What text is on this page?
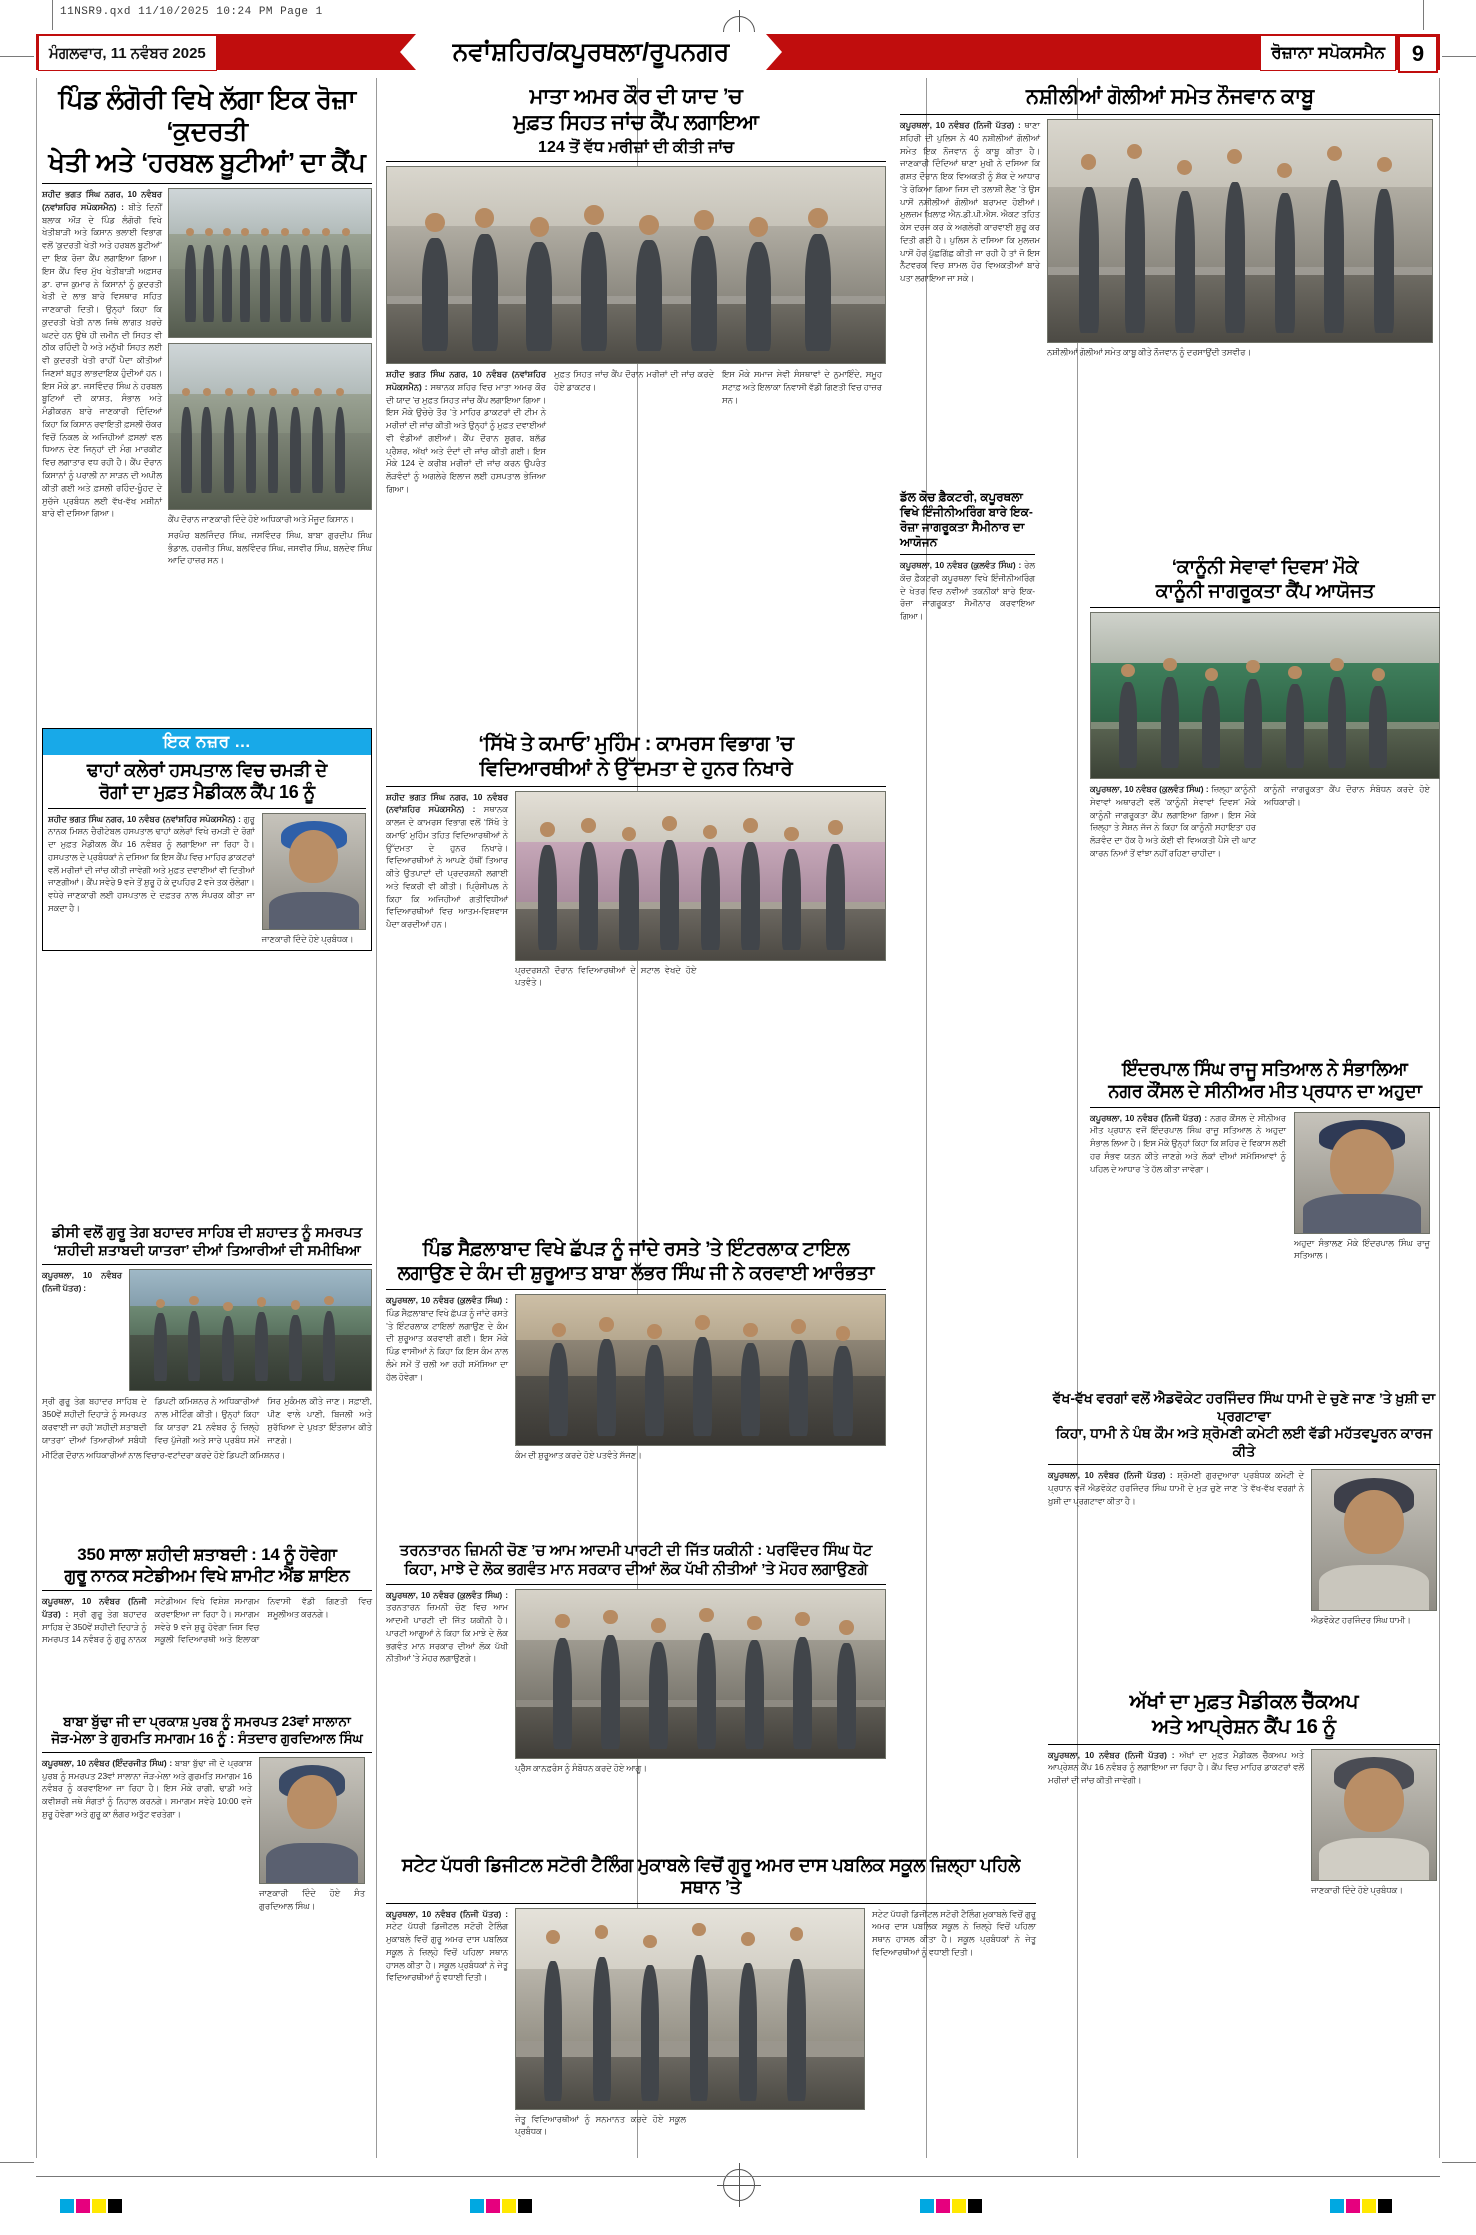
11NSR9.qxd 11/10/2025 10:24 PM Page 1
ਮੰਗਲਵਾਰ, 11 ਨਵੰਬਰ 2025	ਨਵਾਂਸ਼ਹਿਰ/ਕਪੂਰਥਲਾ/ਰੂਪਨਗਰ	ਰੋਜ਼ਾਨਾ ਸਪੋਕਸਮੈਨ	9
ਪਿੰਡ ਲੰਗੋਰੀ ਵਿਖੇ ਲੱਗਾ ਇਕ ਰੋਜ਼ਾ ‘ਕੁਦਰਤੀ
ਖੇਤੀ ਅਤੇ ‘ਹਰਬਲ ਬੂਟੀਆਂ’ ਦਾ ਕੈਂਪ
ਸ਼ਹੀਦ ਭਗਤ ਸਿੰਘ ਨਗਰ, 10 ਨਵੰਬਰ (ਨਵਾਂਸ਼ਹਿਰ ਸਪੋਕਸਮੈਨ) : ਬੀਤੇ ਦਿਨੀਂ ਬਲਾਕ ਔੜ ਦੇ ਪਿੰਡ ਲੰਗੋਰੀ ਵਿਖੇ ਖੇਤੀਬਾੜੀ ਅਤੇ ਕਿਸਾਨ ਭਲਾਈ ਵਿਭਾਗ ਵਲੋਂ ‘ਕੁਦਰਤੀ ਖੇਤੀ ਅਤੇ ਹਰਬਲ ਬੂਟੀਆਂ’ ਦਾ ਇਕ ਰੋਜ਼ਾ ਕੈਂਪ ਲਗਾਇਆ ਗਿਆ। ਇਸ ਕੈਂਪ ਵਿਚ ਮੁੱਖ ਖੇਤੀਬਾੜੀ ਅਫ਼ਸਰ ਡਾ. ਰਾਜ ਕੁਮਾਰ ਨੇ ਕਿਸਾਨਾਂ ਨੂੰ ਕੁਦਰਤੀ ਖੇਤੀ ਦੇ ਲਾਭ ਬਾਰੇ ਵਿਸਥਾਰ ਸਹਿਤ ਜਾਣਕਾਰੀ ਦਿਤੀ। ਉਨ੍ਹਾਂ ਕਿਹਾ ਕਿ ਕੁਦਰਤੀ ਖੇਤੀ ਨਾਲ ਜਿਥੇ ਲਾਗਤ ਖ਼ਰਚੇ ਘਟਦੇ ਹਨ ਉਥੇ ਹੀ ਜ਼ਮੀਨ ਦੀ ਸਿਹਤ ਵੀ ਠੀਕ ਰਹਿੰਦੀ ਹੈ ਅਤੇ ਮਨੁੱਖੀ ਸਿਹਤ ਲਈ ਵੀ ਕੁਦਰਤੀ ਖੇਤੀ ਰਾਹੀਂ ਪੈਦਾ ਕੀਤੀਆਂ ਜਿਣਸਾਂ ਬਹੁਤ ਲਾਭਦਾਇਕ ਹੁੰਦੀਆਂ ਹਨ। ਇਸ ਮੌਕੇ ਡਾ. ਜਸਵਿੰਦਰ ਸਿੰਘ ਨੇ ਹਰਬਲ ਬੂਟਿਆਂ ਦੀ ਕਾਸ਼ਤ, ਸੰਭਾਲ ਅਤੇ ਮੰਡੀਕਰਨ ਬਾਰੇ ਜਾਣਕਾਰੀ ਦਿੰਦਿਆਂ ਕਿਹਾ ਕਿ ਕਿਸਾਨ ਰਵਾਇਤੀ ਫ਼ਸਲੀ ਚੱਕਰ ਵਿਚੋਂ ਨਿਕਲ ਕੇ ਅਜਿਹੀਆਂ ਫ਼ਸਲਾਂ ਵਲ ਧਿਆਨ ਦੇਣ ਜਿਨ੍ਹਾਂ ਦੀ ਮੰਗ ਮਾਰਕੀਟ ਵਿਚ ਲਗਾਤਾਰ ਵਧ ਰਹੀ ਹੈ। ਕੈਂਪ ਦੌਰਾਨ ਕਿਸਾਨਾਂ ਨੂੰ ਪਰਾਲੀ ਨਾ ਸਾੜਨ ਦੀ ਅਪੀਲ ਕੀਤੀ ਗਈ ਅਤੇ ਫ਼ਸਲੀ ਰਹਿੰਦ-ਖੂੰਹਦ ਦੇ ਸੁਚੱਜੇ ਪ੍ਰਬੰਧਨ ਲਈ ਵੱਖ-ਵੱਖ ਮਸ਼ੀਨਾਂ ਬਾਰੇ ਵੀ ਦਸਿਆ ਗਿਆ।
ਕੈਂਪ ਦੌਰਾਨ ਜਾਣਕਾਰੀ ਦਿੰਦੇ ਹੋਏ ਅਧਿਕਾਰੀ ਅਤੇ ਮੌਜੂਦ ਕਿਸਾਨ।
ਸਰਪੰਚ ਬਲਜਿੰਦਰ ਸਿੰਘ, ਜਸਵਿੰਦਰ ਸਿੰਘ, ਬਾਬਾ ਗੁਰਦੀਪ ਸਿੰਘ ਭੰਡਾਲ, ਹਰਜੀਤ ਸਿੰਘ, ਬਲਵਿੰਦਰ ਸਿੰਘ, ਜਸਵੀਰ ਸਿੰਘ, ਬਲਦੇਵ ਸਿੰਘ ਆਦਿ ਹਾਜ਼ਰ ਸਨ।
ਮਾਤਾ ਅਮਰ ਕੌਰ ਦੀ ਯਾਦ ’ਚ
ਮੁਫ਼ਤ ਸਿਹਤ ਜਾਂਚ ਕੈਂਪ ਲਗਾਇਆ
124 ਤੋਂ ਵੱਧ ਮਰੀਜ਼ਾਂ ਦੀ ਕੀਤੀ ਜਾਂਚ
ਸ਼ਹੀਦ ਭਗਤ ਸਿੰਘ ਨਗਰ, 10 ਨਵੰਬਰ (ਨਵਾਂਸ਼ਹਿਰ ਸਪੋਕਸਮੈਨ) : ਸਥਾਨਕ ਸ਼ਹਿਰ ਵਿਚ ਮਾਤਾ ਅਮਰ ਕੌਰ ਦੀ ਯਾਦ ’ਚ ਮੁਫ਼ਤ ਸਿਹਤ ਜਾਂਚ ਕੈਂਪ ਲਗਾਇਆ ਗਿਆ। ਇਸ ਮੌਕੇ ਉਚੇਚੇ ਤੌਰ ’ਤੇ ਮਾਹਿਰ ਡਾਕਟਰਾਂ ਦੀ ਟੀਮ ਨੇ ਮਰੀਜ਼ਾਂ ਦੀ ਜਾਂਚ ਕੀਤੀ ਅਤੇ ਉਨ੍ਹਾਂ ਨੂੰ ਮੁਫ਼ਤ ਦਵਾਈਆਂ ਵੀ ਵੰਡੀਆਂ ਗਈਆਂ। ਕੈਂਪ ਦੌਰਾਨ ਸ਼ੂਗਰ, ਬਲੱਡ ਪ੍ਰੈਸ਼ਰ, ਅੱਖਾਂ ਅਤੇ ਦੰਦਾਂ ਦੀ ਜਾਂਚ ਕੀਤੀ ਗਈ। ਇਸ ਮੌਕੇ 124 ਦੇ ਕਰੀਬ ਮਰੀਜ਼ਾਂ ਦੀ ਜਾਂਚ ਕਰਨ ਉਪਰੰਤ ਲੋੜਵੰਦਾਂ ਨੂੰ ਅਗਲੇਰੇ ਇਲਾਜ ਲਈ ਹਸਪਤਾਲ ਭੇਜਿਆ ਗਿਆ।
ਮੁਫ਼ਤ ਸਿਹਤ ਜਾਂਚ ਕੈਂਪ ਦੌਰਾਨ ਮਰੀਜ਼ਾਂ ਦੀ ਜਾਂਚ ਕਰਦੇ ਹੋਏ ਡਾਕਟਰ।
ਇਸ ਮੌਕੇ ਸਮਾਜ ਸੇਵੀ ਸੰਸਥਾਵਾਂ ਦੇ ਨੁਮਾਇੰਦੇ, ਸਮੂਹ ਸਟਾਫ਼ ਅਤੇ ਇਲਾਕਾ ਨਿਵਾਸੀ ਵੱਡੀ ਗਿਣਤੀ ਵਿਚ ਹਾਜ਼ਰ ਸਨ।
ਨਸ਼ੀਲੀਆਂ ਗੋਲੀਆਂ ਸਮੇਤ ਨੌਜਵਾਨ ਕਾਬੂ
ਕਪੂਰਥਲਾ, 10 ਨਵੰਬਰ (ਨਿਜੀ ਪੱਤਰ) : ਥਾਣਾ ਸ਼ਹਿਰੀ ਦੀ ਪੁਲਿਸ ਨੇ 40 ਨਸ਼ੀਲੀਆਂ ਗੋਲੀਆਂ ਸਮੇਤ ਇਕ ਨੌਜਵਾਨ ਨੂੰ ਕਾਬੂ ਕੀਤਾ ਹੈ। ਜਾਣਕਾਰੀ ਦਿੰਦਿਆਂ ਥਾਣਾ ਮੁਖੀ ਨੇ ਦਸਿਆ ਕਿ ਗਸ਼ਤ ਦੌਰਾਨ ਇਕ ਵਿਅਕਤੀ ਨੂੰ ਸ਼ੱਕ ਦੇ ਆਧਾਰ ’ਤੇ ਰੋਕਿਆ ਗਿਆ ਜਿਸ ਦੀ ਤਲਾਸ਼ੀ ਲੈਣ ’ਤੇ ਉਸ ਪਾਸੋਂ ਨਸ਼ੀਲੀਆਂ ਗੋਲੀਆਂ ਬਰਾਮਦ ਹੋਈਆਂ। ਮੁਲਜ਼ਮ ਖ਼ਿਲਾਫ਼ ਐਨ.ਡੀ.ਪੀ.ਐਸ. ਐਕਟ ਤਹਿਤ ਕੇਸ ਦਰਜ ਕਰ ਕੇ ਅਗਲੇਰੀ ਕਾਰਵਾਈ ਸ਼ੁਰੂ ਕਰ ਦਿਤੀ ਗਈ ਹੈ। ਪੁਲਿਸ ਨੇ ਦਸਿਆ ਕਿ ਮੁਲਜ਼ਮ ਪਾਸੋਂ ਹੋਰ ਪੁੱਛਗਿੱਛ ਕੀਤੀ ਜਾ ਰਹੀ ਹੈ ਤਾਂ ਜੋ ਇਸ ਨੈੱਟਵਰਕ ਵਿਚ ਸ਼ਾਮਲ ਹੋਰ ਵਿਅਕਤੀਆਂ ਬਾਰੇ ਪਤਾ ਲਗਾਇਆ ਜਾ ਸਕੇ।
ਨਸ਼ੀਲੀਆਂ ਗੋਲੀਆਂ ਸਮੇਤ ਕਾਬੂ ਕੀਤੇ ਨੌਜਵਾਨ ਨੂੰ ਦਰਸਾਉਂਦੀ ਤਸਵੀਰ।
ਡੱਲ ਕੋਚ ਫ਼ੈਕਟਰੀ, ਕਪੂਰਥਲਾ ਵਿਖੇ ਇੰਜੀਨੀਅਰਿੰਗ ਬਾਰੇ ਇਕ-ਰੋਜ਼ਾ ਜਾਗਰੂਕਤਾ ਸੈਮੀਨਾਰ ਦਾ ਆਯੋਜਨ
ਕਪੂਰਥਲਾ, 10 ਨਵੰਬਰ (ਕੁਲਵੰਤ ਸਿੰਘ) : ਰੇਲ ਕੋਚ ਫ਼ੈਕਟਰੀ ਕਪੂਰਥਲਾ ਵਿਖੇ ਇੰਜੀਨੀਅਰਿੰਗ ਦੇ ਖੇਤਰ ਵਿਚ ਨਵੀਆਂ ਤਕਨੀਕਾਂ ਬਾਰੇ ਇਕ-ਰੋਜ਼ਾ ਜਾਗਰੂਕਤਾ ਸੈਮੀਨਾਰ ਕਰਵਾਇਆ ਗਿਆ।
‘ਕਾਨੂੰਨੀ ਸੇਵਾਵਾਂ ਦਿਵਸ’ ਮੌਕੇ
ਕਾਨੂੰਨੀ ਜਾਗਰੂਕਤਾ ਕੈਂਪ ਆਯੋਜਤ
ਕਪੂਰਥਲਾ, 10 ਨਵੰਬਰ (ਕੁਲਵੰਤ ਸਿੰਘ) : ਜ਼ਿਲ੍ਹਾ ਕਾਨੂੰਨੀ ਸੇਵਾਵਾਂ ਅਥਾਰਟੀ ਵਲੋਂ ‘ਕਾਨੂੰਨੀ ਸੇਵਾਵਾਂ ਦਿਵਸ’ ਮੌਕੇ ਕਾਨੂੰਨੀ ਜਾਗਰੂਕਤਾ ਕੈਂਪ ਲਗਾਇਆ ਗਿਆ। ਇਸ ਮੌਕੇ ਜ਼ਿਲ੍ਹਾ ਤੇ ਸੈਸ਼ਨ ਜੱਜ ਨੇ ਕਿਹਾ ਕਿ ਕਾਨੂੰਨੀ ਸਹਾਇਤਾ ਹਰ ਲੋੜਵੰਦ ਦਾ ਹੱਕ ਹੈ ਅਤੇ ਕੋਈ ਵੀ ਵਿਅਕਤੀ ਪੈਸੇ ਦੀ ਘਾਟ ਕਾਰਨ ਨਿਆਂ ਤੋਂ ਵਾਂਝਾ ਨਹੀਂ ਰਹਿਣਾ ਚਾਹੀਦਾ।
ਕਾਨੂੰਨੀ ਜਾਗਰੂਕਤਾ ਕੈਂਪ ਦੌਰਾਨ ਸੰਬੋਧਨ ਕਰਦੇ ਹੋਏ ਅਧਿਕਾਰੀ।
ਇੰਦਰਪਾਲ ਸਿੰਘ ਰਾਜੂ ਸਤਿਆਲ ਨੇ ਸੰਭਾਲਿਆ
ਨਗਰ ਕੌਂਸਲ ਦੇ ਸੀਨੀਅਰ ਮੀਤ ਪ੍ਰਧਾਨ ਦਾ ਅਹੁਦਾ
ਕਪੂਰਥਲਾ, 10 ਨਵੰਬਰ (ਨਿਜੀ ਪੱਤਰ) : ਨਗਰ ਕੌਂਸਲ ਦੇ ਸੀਨੀਅਰ ਮੀਤ ਪ੍ਰਧਾਨ ਵਜੋਂ ਇੰਦਰਪਾਲ ਸਿੰਘ ਰਾਜੂ ਸਤਿਆਲ ਨੇ ਅਹੁਦਾ ਸੰਭਾਲ ਲਿਆ ਹੈ। ਇਸ ਮੌਕੇ ਉਨ੍ਹਾਂ ਕਿਹਾ ਕਿ ਸ਼ਹਿਰ ਦੇ ਵਿਕਾਸ ਲਈ ਹਰ ਸੰਭਵ ਯਤਨ ਕੀਤੇ ਜਾਣਗੇ ਅਤੇ ਲੋਕਾਂ ਦੀਆਂ ਸਮੱਸਿਆਵਾਂ ਨੂੰ ਪਹਿਲ ਦੇ ਆਧਾਰ ’ਤੇ ਹੱਲ ਕੀਤਾ ਜਾਵੇਗਾ।
ਅਹੁਦਾ ਸੰਭਾਲਣ ਮੌਕੇ ਇੰਦਰਪਾਲ ਸਿੰਘ ਰਾਜੂ ਸਤਿਆਲ।
ਇਕ ਨਜ਼ਰ ...
ਢਾਹਾਂ ਕਲੇਰਾਂ ਹਸਪਤਾਲ ਵਿਚ ਚਮੜੀ ਦੇ
ਰੋਗਾਂ ਦਾ ਮੁਫ਼ਤ ਮੈਡੀਕਲ ਕੈਂਪ 16 ਨੂੰ
ਸ਼ਹੀਦ ਭਗਤ ਸਿੰਘ ਨਗਰ, 10 ਨਵੰਬਰ (ਨਵਾਂਸ਼ਹਿਰ ਸਪੋਕਸਮੈਨ) : ਗੁਰੂ ਨਾਨਕ ਮਿਸ਼ਨ ਚੈਰੀਟੇਬਲ ਹਸਪਤਾਲ ਢਾਹਾਂ ਕਲੇਰਾਂ ਵਿਖੇ ਚਮੜੀ ਦੇ ਰੋਗਾਂ ਦਾ ਮੁਫ਼ਤ ਮੈਡੀਕਲ ਕੈਂਪ 16 ਨਵੰਬਰ ਨੂੰ ਲਗਾਇਆ ਜਾ ਰਿਹਾ ਹੈ। ਹਸਪਤਾਲ ਦੇ ਪ੍ਰਬੰਧਕਾਂ ਨੇ ਦਸਿਆ ਕਿ ਇਸ ਕੈਂਪ ਵਿਚ ਮਾਹਿਰ ਡਾਕਟਰਾਂ ਵਲੋਂ ਮਰੀਜ਼ਾਂ ਦੀ ਜਾਂਚ ਕੀਤੀ ਜਾਵੇਗੀ ਅਤੇ ਮੁਫ਼ਤ ਦਵਾਈਆਂ ਵੀ ਦਿਤੀਆਂ ਜਾਣਗੀਆਂ। ਕੈਂਪ ਸਵੇਰੇ 9 ਵਜੇ ਤੋਂ ਸ਼ੁਰੂ ਹੋ ਕੇ ਦੁਪਹਿਰ 2 ਵਜੇ ਤਕ ਚੱਲੇਗਾ। ਵਧੇਰੇ ਜਾਣਕਾਰੀ ਲਈ ਹਸਪਤਾਲ ਦੇ ਦਫ਼ਤਰ ਨਾਲ ਸੰਪਰਕ ਕੀਤਾ ਜਾ ਸਕਦਾ ਹੈ।
ਜਾਣਕਾਰੀ ਦਿੰਦੇ ਹੋਏ ਪ੍ਰਬੰਧਕ।
ਡੀਸੀ ਵਲੋਂ ਗੁਰੂ ਤੇਗ ਬਹਾਦਰ ਸਾਹਿਬ ਦੀ ਸ਼ਹਾਦਤ ਨੂੰ ਸਮਰਪਤ
‘ਸ਼ਹੀਦੀ ਸ਼ਤਾਬਦੀ ਯਾਤਰਾ’ ਦੀਆਂ ਤਿਆਰੀਆਂ ਦੀ ਸਮੀਖਿਆ
ਕਪੂਰਥਲਾ, 10 ਨਵੰਬਰ (ਨਿਜੀ ਪੱਤਰ) :
ਸ੍ਰੀ ਗੁਰੂ ਤੇਗ ਬਹਾਦਰ ਸਾਹਿਬ ਦੇ 350ਵੇਂ ਸ਼ਹੀਦੀ ਦਿਹਾੜੇ ਨੂੰ ਸਮਰਪਤ ਕਰਵਾਈ ਜਾ ਰਹੀ ‘ਸ਼ਹੀਦੀ ਸ਼ਤਾਬਦੀ ਯਾਤਰਾ’ ਦੀਆਂ ਤਿਆਰੀਆਂ ਸਬੰਧੀ ਡਿਪਟੀ ਕਮਿਸ਼ਨਰ ਨੇ ਅਧਿਕਾਰੀਆਂ ਨਾਲ ਮੀਟਿੰਗ ਕੀਤੀ। ਉਨ੍ਹਾਂ ਕਿਹਾ ਕਿ ਯਾਤਰਾ 21 ਨਵੰਬਰ ਨੂੰ ਜ਼ਿਲ੍ਹੇ ਵਿਚ ਪੁੱਜੇਗੀ ਅਤੇ ਸਾਰੇ ਪ੍ਰਬੰਧ ਸਮੇਂ ਸਿਰ ਮੁਕੰਮਲ ਕੀਤੇ ਜਾਣ। ਸਫ਼ਾਈ, ਪੀਣ ਵਾਲੇ ਪਾਣੀ, ਬਿਜਲੀ ਅਤੇ ਸੁਰੱਖਿਆ ਦੇ ਪੁਖ਼ਤਾ ਇੰਤਜ਼ਾਮ ਕੀਤੇ ਜਾਣਗੇ।
ਮੀਟਿੰਗ ਦੌਰਾਨ ਅਧਿਕਾਰੀਆਂ ਨਾਲ ਵਿਚਾਰ-ਵਟਾਂਦਰਾ ਕਰਦੇ ਹੋਏ ਡਿਪਟੀ ਕਮਿਸ਼ਨਰ।
350 ਸਾਲਾ ਸ਼ਹੀਦੀ ਸ਼ਤਾਬਦੀ : 14 ਨੂੰ ਹੋਵੇਗਾ
ਗੁਰੂ ਨਾਨਕ ਸਟੇਡੀਅਮ ਵਿਖੇ ਸ਼ਾਮੀਟ ਐਂਡ ਸ਼ਾਇਨ
ਕਪੂਰਥਲਾ, 10 ਨਵੰਬਰ (ਨਿਜੀ ਪੱਤਰ) : ਸ੍ਰੀ ਗੁਰੂ ਤੇਗ ਬਹਾਦਰ ਸਾਹਿਬ ਦੇ 350ਵੇਂ ਸ਼ਹੀਦੀ ਦਿਹਾੜੇ ਨੂੰ ਸਮਰਪਤ 14 ਨਵੰਬਰ ਨੂੰ ਗੁਰੂ ਨਾਨਕ ਸਟੇਡੀਅਮ ਵਿਖੇ ਵਿਸ਼ੇਸ਼ ਸਮਾਗਮ ਕਰਵਾਇਆ ਜਾ ਰਿਹਾ ਹੈ। ਸਮਾਗਮ ਸਵੇਰੇ 9 ਵਜੇ ਸ਼ੁਰੂ ਹੋਵੇਗਾ ਜਿਸ ਵਿਚ ਸਕੂਲੀ ਵਿਦਿਆਰਥੀ ਅਤੇ ਇਲਾਕਾ ਨਿਵਾਸੀ ਵੱਡੀ ਗਿਣਤੀ ਵਿਚ ਸ਼ਮੂਲੀਅਤ ਕਰਨਗੇ।
ਬਾਬਾ ਬੁੱਢਾ ਜੀ ਦਾ ਪ੍ਰਕਾਸ਼ ਪੁਰਬ ਨੂੰ ਸਮਰਪਤ 23ਵਾਂ ਸਾਲਾਨਾ
ਜੋੜ-ਮੇਲਾ ਤੇ ਗੁਰਮਤਿ ਸਮਾਗਮ 16 ਨੂੰ : ਸੰਤਦਾਰ ਗੁਰਦਿਆਲ ਸਿੰਘ
ਕਪੂਰਥਲਾ, 10 ਨਵੰਬਰ (ਇੰਦਰਜੀਤ ਸਿੰਘ) : ਬਾਬਾ ਬੁੱਢਾ ਜੀ ਦੇ ਪ੍ਰਕਾਸ਼ ਪੁਰਬ ਨੂੰ ਸਮਰਪਤ 23ਵਾਂ ਸਾਲਾਨਾ ਜੋੜ-ਮੇਲਾ ਅਤੇ ਗੁਰਮਤਿ ਸਮਾਗਮ 16 ਨਵੰਬਰ ਨੂੰ ਕਰਵਾਇਆ ਜਾ ਰਿਹਾ ਹੈ। ਇਸ ਮੌਕੇ ਰਾਗੀ, ਢਾਡੀ ਅਤੇ ਕਵੀਸ਼ਰੀ ਜਥੇ ਸੰਗਤਾਂ ਨੂੰ ਨਿਹਾਲ ਕਰਨਗੇ। ਸਮਾਗਮ ਸਵੇਰੇ 10:00 ਵਜੇ ਸ਼ੁਰੂ ਹੋਵੇਗਾ ਅਤੇ ਗੁਰੂ ਕਾ ਲੰਗਰ ਅਤੁੱਟ ਵਰਤੇਗਾ।
ਜਾਣਕਾਰੀ ਦਿੰਦੇ ਹੋਏ ਸੰਤ ਗੁਰਦਿਆਲ ਸਿੰਘ।
‘ਸਿੱਖੋ ਤੇ ਕਮਾਓ’ ਮੁਹਿੰਮ : ਕਾਮਰਸ ਵਿਭਾਗ ’ਚ
ਵਿਦਿਆਰਥੀਆਂ ਨੇ ਉੱਦਮਤਾ ਦੇ ਹੁਨਰ ਨਿਖਾਰੇ
ਸ਼ਹੀਦ ਭਗਤ ਸਿੰਘ ਨਗਰ, 10 ਨਵੰਬਰ (ਨਵਾਂਸ਼ਹਿਰ ਸਪੋਕਸਮੈਨ) : ਸਥਾਨਕ ਕਾਲਜ ਦੇ ਕਾਮਰਸ ਵਿਭਾਗ ਵਲੋਂ ‘ਸਿੱਖੋ ਤੇ ਕਮਾਓ’ ਮੁਹਿੰਮ ਤਹਿਤ ਵਿਦਿਆਰਥੀਆਂ ਨੇ ਉੱਦਮਤਾ ਦੇ ਹੁਨਰ ਨਿਖਾਰੇ। ਵਿਦਿਆਰਥੀਆਂ ਨੇ ਆਪਣੇ ਹੱਥੀਂ ਤਿਆਰ ਕੀਤੇ ਉਤਪਾਦਾਂ ਦੀ ਪ੍ਰਦਰਸ਼ਨੀ ਲਗਾਈ ਅਤੇ ਵਿਕਰੀ ਵੀ ਕੀਤੀ। ਪ੍ਰਿੰਸੀਪਲ ਨੇ ਕਿਹਾ ਕਿ ਅਜਿਹੀਆਂ ਗਤੀਵਿਧੀਆਂ ਵਿਦਿਆਰਥੀਆਂ ਵਿਚ ਆਤਮ-ਵਿਸ਼ਵਾਸ ਪੈਦਾ ਕਰਦੀਆਂ ਹਨ।
ਪ੍ਰਦਰਸ਼ਨੀ ਦੌਰਾਨ ਵਿਦਿਆਰਥੀਆਂ ਦੇ ਸਟਾਲ ਵੇਖਦੇ ਹੋਏ ਪਤਵੰਤੇ।
ਪਿੰਡ ਸੈਫ਼ਲਾਬਾਦ ਵਿਖੇ ਛੱਪੜ ਨੂੰ ਜਾਂਦੇ ਰਸਤੇ ’ਤੇ ਇੰਟਰਲਾਕ ਟਾਇਲ
ਲਗਾਉਣ ਦੇ ਕੰਮ ਦੀ ਸ਼ੁਰੂਆਤ ਬਾਬਾ ਲੱਭਰ ਸਿੰਘ ਜੀ ਨੇ ਕਰਵਾਈ ਆਰੰਭਤਾ
ਕਪੂਰਥਲਾ, 10 ਨਵੰਬਰ (ਕੁਲਵੰਤ ਸਿੰਘ) : ਪਿੰਡ ਸੈਫ਼ਲਾਬਾਦ ਵਿਖੇ ਛੱਪੜ ਨੂੰ ਜਾਂਦੇ ਰਸਤੇ ’ਤੇ ਇੰਟਰਲਾਕ ਟਾਇਲਾਂ ਲਗਾਉਣ ਦੇ ਕੰਮ ਦੀ ਸ਼ੁਰੂਆਤ ਕਰਵਾਈ ਗਈ। ਇਸ ਮੌਕੇ ਪਿੰਡ ਵਾਸੀਆਂ ਨੇ ਕਿਹਾ ਕਿ ਇਸ ਕੰਮ ਨਾਲ ਲੰਮੇ ਸਮੇਂ ਤੋਂ ਚਲੀ ਆ ਰਹੀ ਸਮੱਸਿਆ ਦਾ ਹੱਲ ਹੋਵੇਗਾ।
ਕੰਮ ਦੀ ਸ਼ੁਰੂਆਤ ਕਰਦੇ ਹੋਏ ਪਤਵੰਤੇ ਸੱਜਣ।
ਤਰਨਤਾਰਨ ਜ਼ਿਮਨੀ ਚੋਣ ’ਚ ਆਮ ਆਦਮੀ ਪਾਰਟੀ ਦੀ ਜਿੱਤ ਯਕੀਨੀ : ਪਰਵਿੰਦਰ ਸਿੰਘ ਧੋਟ
ਕਿਹਾ, ਮਾਝੇ ਦੇ ਲੋਕ ਭਗਵੰਤ ਮਾਨ ਸਰਕਾਰ ਦੀਆਂ ਲੋਕ ਪੱਖੀ ਨੀਤੀਆਂ ’ਤੇ ਮੋਹਰ ਲਗਾਉਣਗੇ
ਕਪੂਰਥਲਾ, 10 ਨਵੰਬਰ (ਕੁਲਵੰਤ ਸਿੰਘ) : ਤਰਨਤਾਰਨ ਜ਼ਿਮਨੀ ਚੋਣ ਵਿਚ ਆਮ ਆਦਮੀ ਪਾਰਟੀ ਦੀ ਜਿੱਤ ਯਕੀਨੀ ਹੈ। ਪਾਰਟੀ ਆਗੂਆਂ ਨੇ ਕਿਹਾ ਕਿ ਮਾਝੇ ਦੇ ਲੋਕ ਭਗਵੰਤ ਮਾਨ ਸਰਕਾਰ ਦੀਆਂ ਲੋਕ ਪੱਖੀ ਨੀਤੀਆਂ ’ਤੇ ਮੋਹਰ ਲਗਾਉਣਗੇ।
ਪ੍ਰੈੱਸ ਕਾਨਫ਼ਰੰਸ ਨੂੰ ਸੰਬੋਧਨ ਕਰਦੇ ਹੋਏ ਆਗੂ।
ਵੱਖ-ਵੱਖ ਵਰਗਾਂ ਵਲੋਂ ਐਡਵੋਕੇਟ ਹਰਜਿੰਦਰ ਸਿੰਘ ਧਾਮੀ ਦੇ ਚੁਣੇ ਜਾਣ ’ਤੇ ਖ਼ੁਸ਼ੀ ਦਾ ਪ੍ਰਗਟਾਵਾ
ਕਿਹਾ, ਧਾਮੀ ਨੇ ਪੰਥ ਕੌਮ ਅਤੇ ਸ਼੍ਰੋਮਣੀ ਕਮੇਟੀ ਲਈ ਵੱਡੀ ਮਹੱਤਵਪੂਰਨ ਕਾਰਜ ਕੀਤੇ
ਕਪੂਰਥਲਾ, 10 ਨਵੰਬਰ (ਨਿਜੀ ਪੱਤਰ) : ਸ਼੍ਰੋਮਣੀ ਗੁਰਦੁਆਰਾ ਪ੍ਰਬੰਧਕ ਕਮੇਟੀ ਦੇ ਪ੍ਰਧਾਨ ਵਜੋਂ ਐਡਵੋਕੇਟ ਹਰਜਿੰਦਰ ਸਿੰਘ ਧਾਮੀ ਦੇ ਮੁੜ ਚੁਣੇ ਜਾਣ ’ਤੇ ਵੱਖ-ਵੱਖ ਵਰਗਾਂ ਨੇ ਖ਼ੁਸ਼ੀ ਦਾ ਪ੍ਰਗਟਾਵਾ ਕੀਤਾ ਹੈ।
ਐਡਵੋਕੇਟ ਹਰਜਿੰਦਰ ਸਿੰਘ ਧਾਮੀ।
ਅੱਖਾਂ ਦਾ ਮੁਫ਼ਤ ਮੈਡੀਕਲ ਚੈੱਕਅਪ
ਅਤੇ ਆਪ੍ਰੇਸ਼ਨ ਕੈਂਪ 16 ਨੂੰ
ਕਪੂਰਥਲਾ, 10 ਨਵੰਬਰ (ਨਿਜੀ ਪੱਤਰ) : ਅੱਖਾਂ ਦਾ ਮੁਫ਼ਤ ਮੈਡੀਕਲ ਚੈੱਕਅਪ ਅਤੇ ਆਪ੍ਰੇਸ਼ਨ ਕੈਂਪ 16 ਨਵੰਬਰ ਨੂੰ ਲਗਾਇਆ ਜਾ ਰਿਹਾ ਹੈ। ਕੈਂਪ ਵਿਚ ਮਾਹਿਰ ਡਾਕਟਰਾਂ ਵਲੋਂ ਮਰੀਜ਼ਾਂ ਦੀ ਜਾਂਚ ਕੀਤੀ ਜਾਵੇਗੀ।
ਜਾਣਕਾਰੀ ਦਿੰਦੇ ਹੋਏ ਪ੍ਰਬੰਧਕ।
ਸਟੇਟ ਪੱਧਰੀ ਡਿਜੀਟਲ ਸਟੋਰੀ ਟੈਲਿੰਗ ਮੁਕਾਬਲੇ ਵਿਚੋਂ ਗੁਰੂ ਅਮਰ ਦਾਸ ਪਬਲਿਕ ਸਕੂਲ ਜ਼ਿਲ੍ਹਾ ਪਹਿਲੇ ਸਥਾਨ ’ਤੇ
ਕਪੂਰਥਲਾ, 10 ਨਵੰਬਰ (ਨਿਜੀ ਪੱਤਰ) : ਸਟੇਟ ਪੱਧਰੀ ਡਿਜੀਟਲ ਸਟੋਰੀ ਟੈਲਿੰਗ ਮੁਕਾਬਲੇ ਵਿਚੋਂ ਗੁਰੂ ਅਮਰ ਦਾਸ ਪਬਲਿਕ ਸਕੂਲ ਨੇ ਜ਼ਿਲ੍ਹੇ ਵਿਚੋਂ ਪਹਿਲਾ ਸਥਾਨ ਹਾਸਲ ਕੀਤਾ ਹੈ। ਸਕੂਲ ਪ੍ਰਬੰਧਕਾਂ ਨੇ ਜੇਤੂ ਵਿਦਿਆਰਥੀਆਂ ਨੂੰ ਵਧਾਈ ਦਿਤੀ।
ਜੇਤੂ ਵਿਦਿਆਰਥੀਆਂ ਨੂੰ ਸਨਮਾਨਤ ਕਰਦੇ ਹੋਏ ਸਕੂਲ ਪ੍ਰਬੰਧਕ।
ਸਟੇਟ ਪੱਧਰੀ ਡਿਜੀਟਲ ਸਟੋਰੀ ਟੈਲਿੰਗ ਮੁਕਾਬਲੇ ਵਿਚੋਂ ਗੁਰੂ ਅਮਰ ਦਾਸ ਪਬਲਿਕ ਸਕੂਲ ਨੇ ਜ਼ਿਲ੍ਹੇ ਵਿਚੋਂ ਪਹਿਲਾ ਸਥਾਨ ਹਾਸਲ ਕੀਤਾ ਹੈ। ਸਕੂਲ ਪ੍ਰਬੰਧਕਾਂ ਨੇ ਜੇਤੂ ਵਿਦਿਆਰਥੀਆਂ ਨੂੰ ਵਧਾਈ ਦਿਤੀ।
